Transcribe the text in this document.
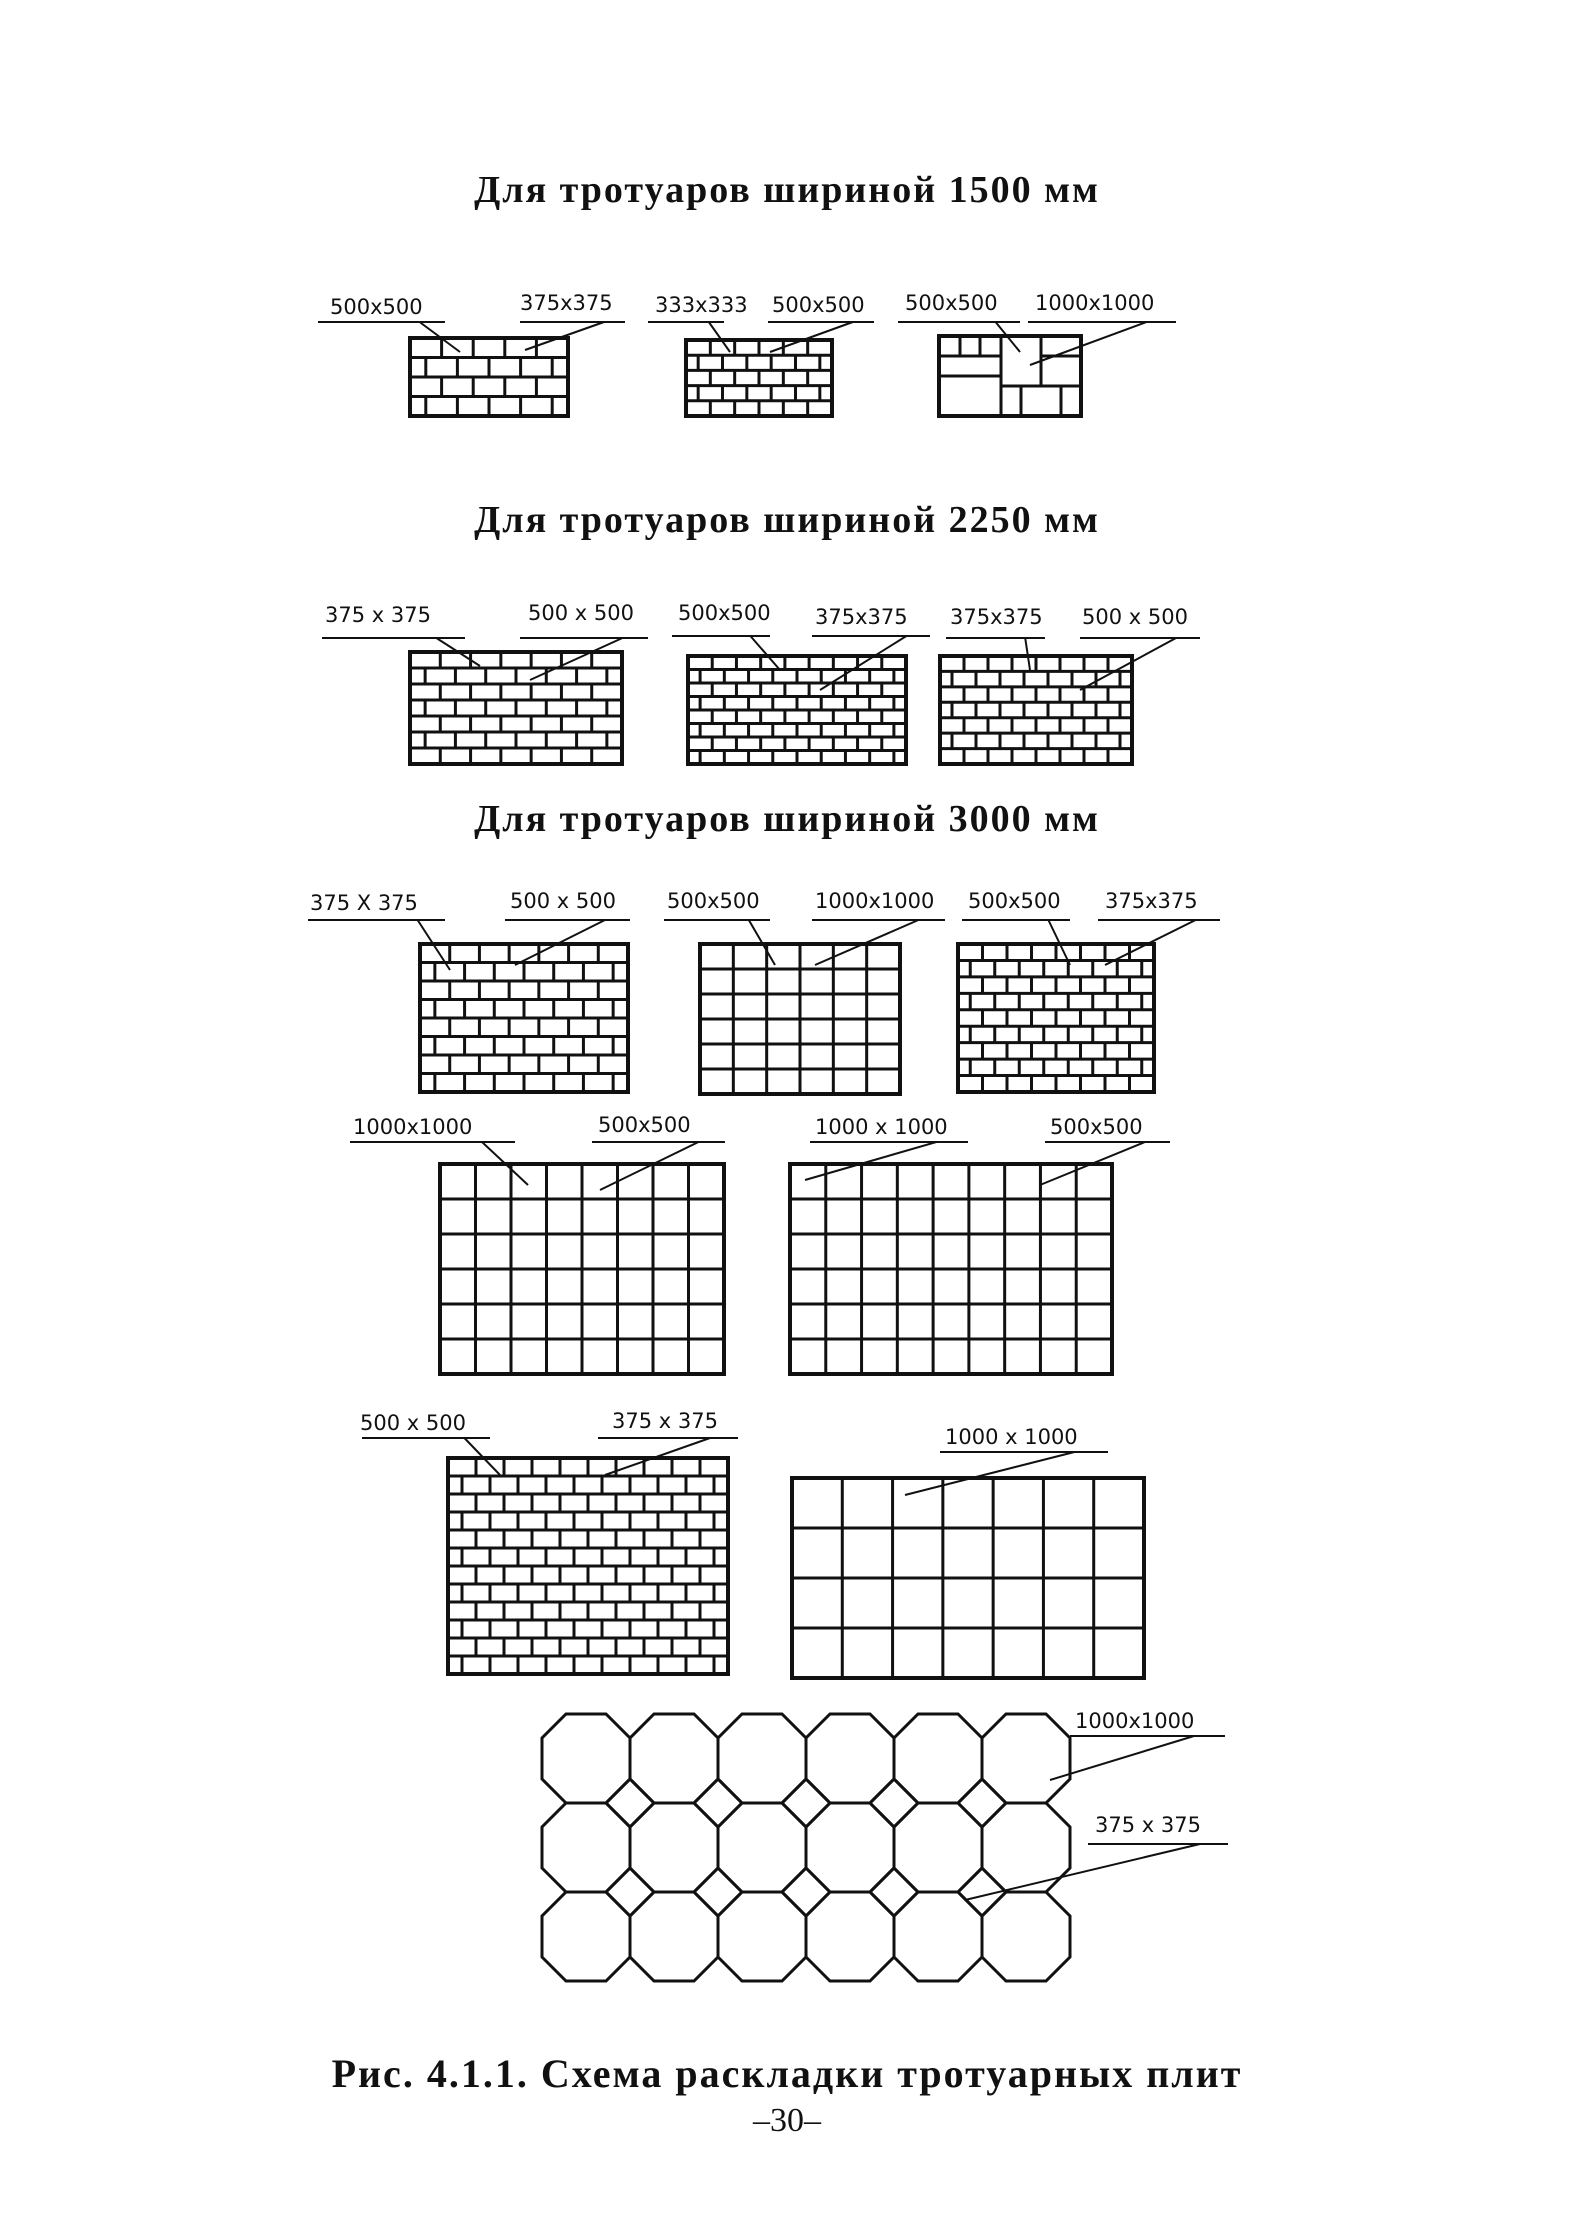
Для тротуаров шириной 1500 мм
Для тротуаров шириной 2250 мм
Для тротуаров шириной 3000 мм
500x500	375x375 333x333 500x500 500x500 1000x1000
375 x 375	500 x 500 500x500 375x375 375x375 500 x 500
375 X 375	500 x 500 500x500	1000x1000 500x500 375x375
1000x1000	500x500	1000 x 1000	500x500
500 x 500	375 x 375
1000 x 1000
1000x1000
375 x 375
Рис. 4.1.1. Схема раскладки тротуарных плит
–30–
